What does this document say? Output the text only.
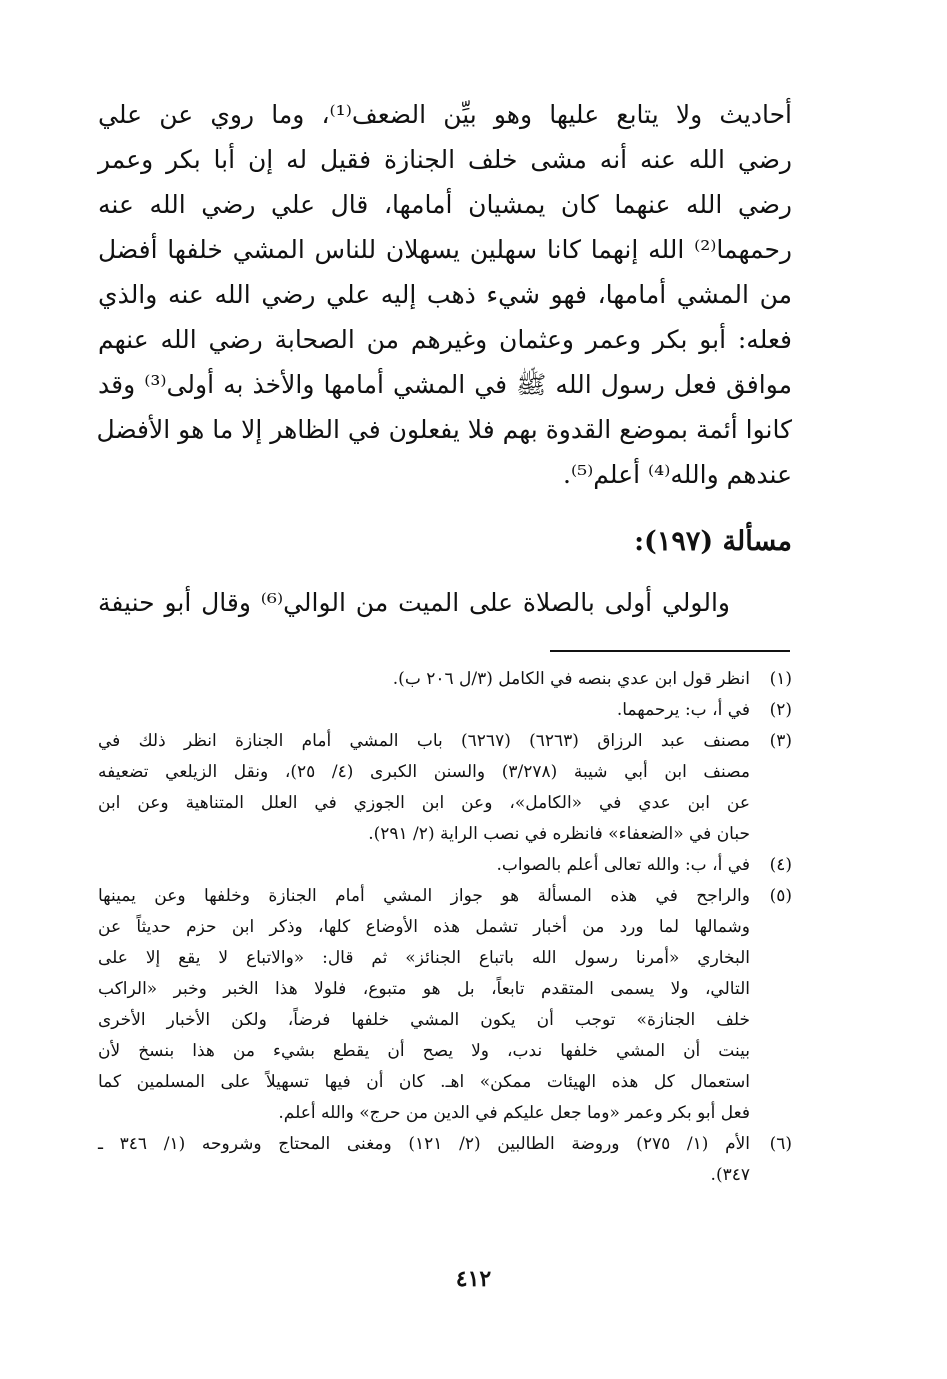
أحاديث ولا يتابع عليها وهو بيِّن الضعف⁽¹⁾، وما روي عن علي
رضي الله عنه أنه مشى خلف الجنازة فقيل له إن أبا بكر وعمر
رضي الله عنهما كان يمشيان أمامها، قال علي رضي الله عنه
رحمهما⁽²⁾ الله إنهما كانا سهلين يسهلان للناس المشي خلفها أفضل
من المشي أمامها، فهو شيء ذهب إليه علي رضي الله عنه والذي
فعله: أبو بكر وعمر وعثمان وغيرهم من الصحابة رضي الله عنهم
موافق فعل رسول الله ﷺ في المشي أمامها والأخذ به أولى⁽³⁾ وقد
كانوا أئمة بموضع القدوة بهم فلا يفعلون في الظاهر إلا ما هو الأفضل
عندهم والله⁽⁴⁾ أعلم⁽⁵⁾.
مسألة (١٩٧):
والولي أولى بالصلاة على الميت من الوالي⁽⁶⁾ وقال أبو حنيفة
(١)
انظر قول ابن عدي بنصه في الكامل (٣/ل ٢٠٦ ب).
(٢)
في أ، ب: يرحمهما.
(٣)
مصنف عبد الرزاق (٦٢٦٣) (٦٢٦٧) باب المشي أمام الجنازة انظر ذلك في
مصنف ابن أبي شيبة (٣/٢٧٨) والسنن الكبرى (٤/ ٢٥)، ونقل الزيلعي تضعيفه
عن ابن عدي في «الكامل»، وعن ابن الجوزي في العلل المتناهية وعن ابن
حبان في «الضعفاء» فانظره في نصب الراية (٢/ ٢٩١).
(٤)
في أ، ب: والله تعالى أعلم بالصواب.
(٥)
والراجح في هذه المسألة هو جواز المشي أمام الجنازة وخلفها وعن يمينها
وشمالها لما ورد من أخبار تشمل هذه الأوضاع كلها، وذكر ابن حزم حديثاً عن
البخاري «أمرنا رسول الله باتباع الجنائز» ثم قال: «والاتباع لا يقع إلا على
التالي، ولا يسمى المتقدم تابعاً، بل هو متبوع، فلولا هذا الخبر وخبر «الراكب
خلف الجنازة» توجب أن يكون المشي خلفها فرضاً، ولكن الأخبار الأخرى
بينت أن المشي خلفها ندب، ولا يصح أن يقطع بشيء من هذا بنسخ لأن
استعمال كل هذه الهيئات ممكن» اهـ. كان أن فيها تسهيلاً على المسلمين كما
فعل أبو بكر وعمر «وما جعل عليكم في الدين من حرج» والله أعلم.
(٦)
الأم (١/ ٢٧٥) وروضة الطالبين (٢/ ١٢١) ومغنى المحتاج وشروحه (١/ ٣٤٦ ـ
٣٤٧).
٤١٢
